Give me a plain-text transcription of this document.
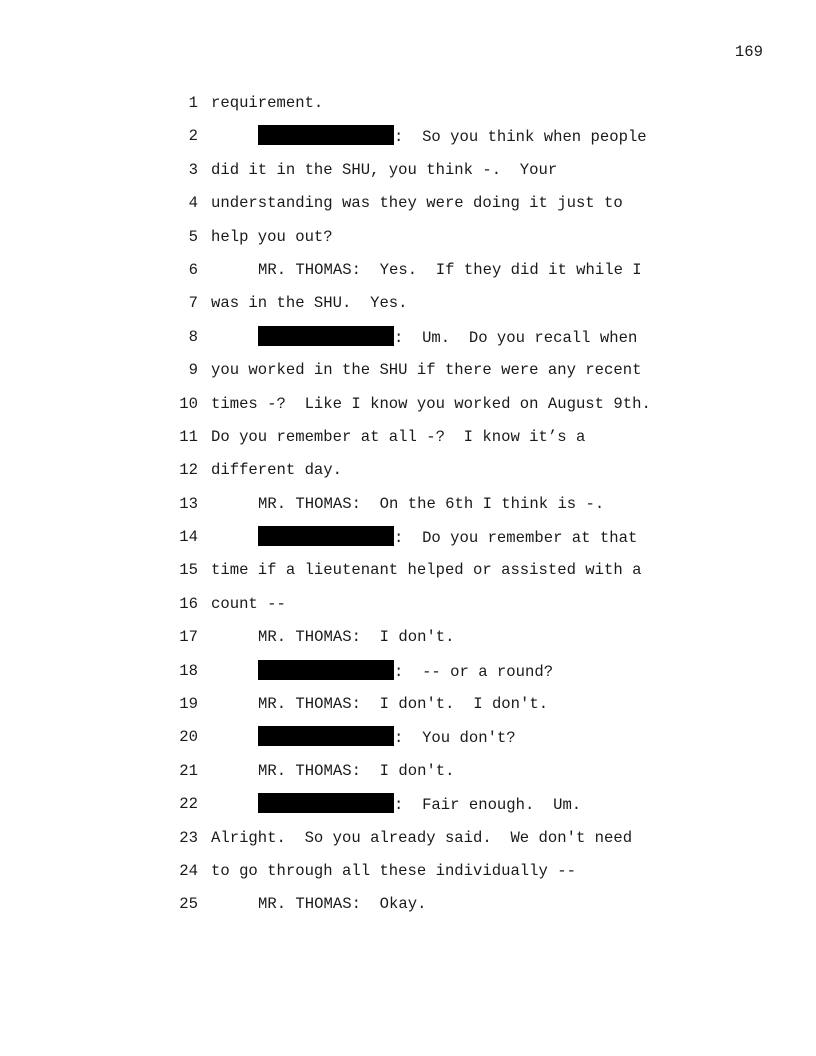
169
1 requirement.
2	:  So you think when people
3 did it in the SHU, you think -.  Your
4 understanding was they were doing it just to
5 help you out?
6	MR. THOMAS:  Yes.  If they did it while I
7 was in the SHU.  Yes.
8	:  Um.  Do you recall when
9 you worked in the SHU if there were any recent
10 times -?  Like I know you worked on August 9th.
11 Do you remember at all -?  I know it’s a
12 different day.
13	MR. THOMAS:  On the 6th I think is -.
14	:  Do you remember at that
15 time if a lieutenant helped or assisted with a
16 count --
17	MR. THOMAS:  I don't.
18	:  -- or a round?
19	MR. THOMAS:  I don't.  I don't.
20	:  You don't?
21	MR. THOMAS:  I don't.
22	:  Fair enough.  Um.
23 Alright.  So you already said.  We don't need
24 to go through all these individually --
25	MR. THOMAS:  Okay.
